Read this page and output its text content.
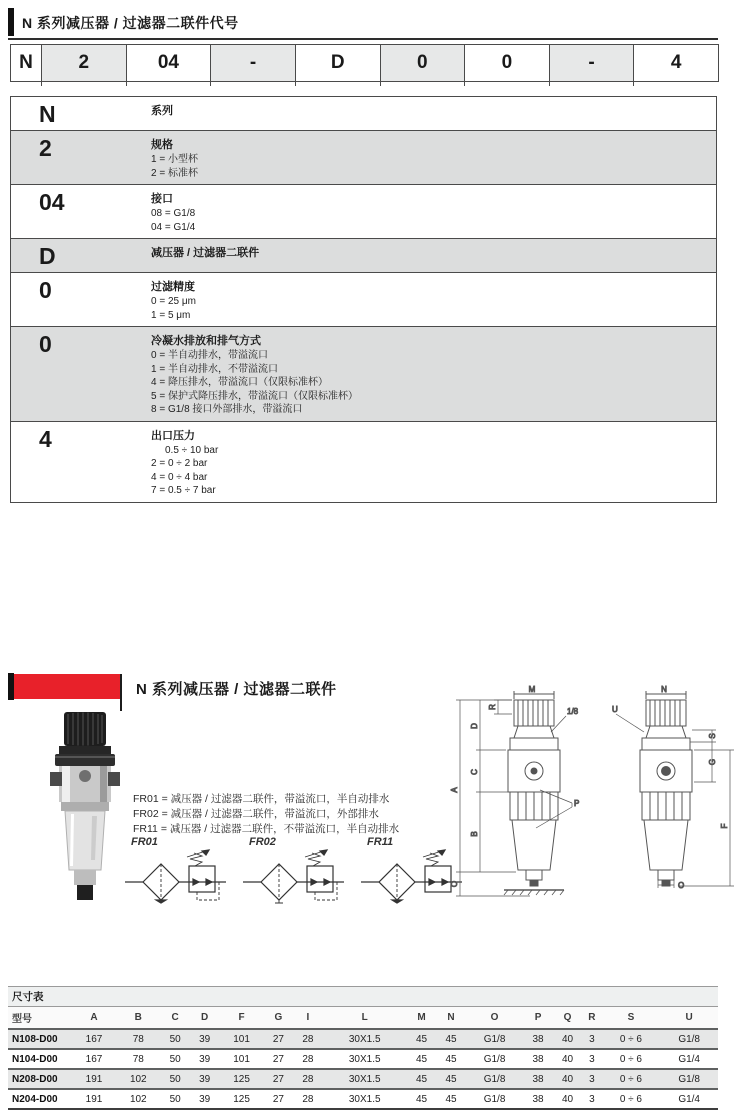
N 系列减压器 / 过滤器二联件代号
N	2	04	-	D	0	0	-	4
N	系列
2	规格
1 = 小型杯
2 = 标准杯
04	接口
08 = G1/8
04 = G1/4
D	减压器 / 过滤器二联件
0	过滤精度
0 = 25 μm
1 = 5 μm
0	冷凝水排放和排气方式
0 = 半自动排水，带溢流口
1 = 半自动排水，不带溢流口
4 = 降压排水，带溢流口（仅限标准杯）
5 = 保护式降压排水，带溢流口（仅限标准杯）
8 = G1/8 接口外部排水，带溢流口
4	出口压力
0.5 ÷ 10 bar
2 = 0 ÷ 2 bar
4 = 0 ÷ 4 bar
7 = 0.5 ÷ 7 bar
N 系列减压器 / 过滤器二联件
FR01 = 减压器 / 过滤器二联件，带溢流口，半自动排水
FR02 = 减压器 / 过滤器二联件，带溢流口，外部排水
FR11 = 减压器 / 过滤器二联件，不带溢流口，半自动排水
FR01	FR02	FR11
M
A
D
C
B
R
O
1/8
P
N
U
S
G
F
O
尺寸表
型号	A	B	C	D	F	G	I	L	M	N	O	P	Q	R	S	U
N108-D00	167	78	50	39	101	27	28	30X1.5	45	45	G1/8	38	40	3	0 ÷ 6	G1/8
N104-D00	167	78	50	39	101	27	28	30X1.5	45	45	G1/8	38	40	3	0 ÷ 6	G1/4
N208-D00	191	102	50	39	125	27	28	30X1.5	45	45	G1/8	38	40	3	0 ÷ 6	G1/8
N204-D00	191	102	50	39	125	27	28	30X1.5	45	45	G1/8	38	40	3	0 ÷ 6	G1/4
